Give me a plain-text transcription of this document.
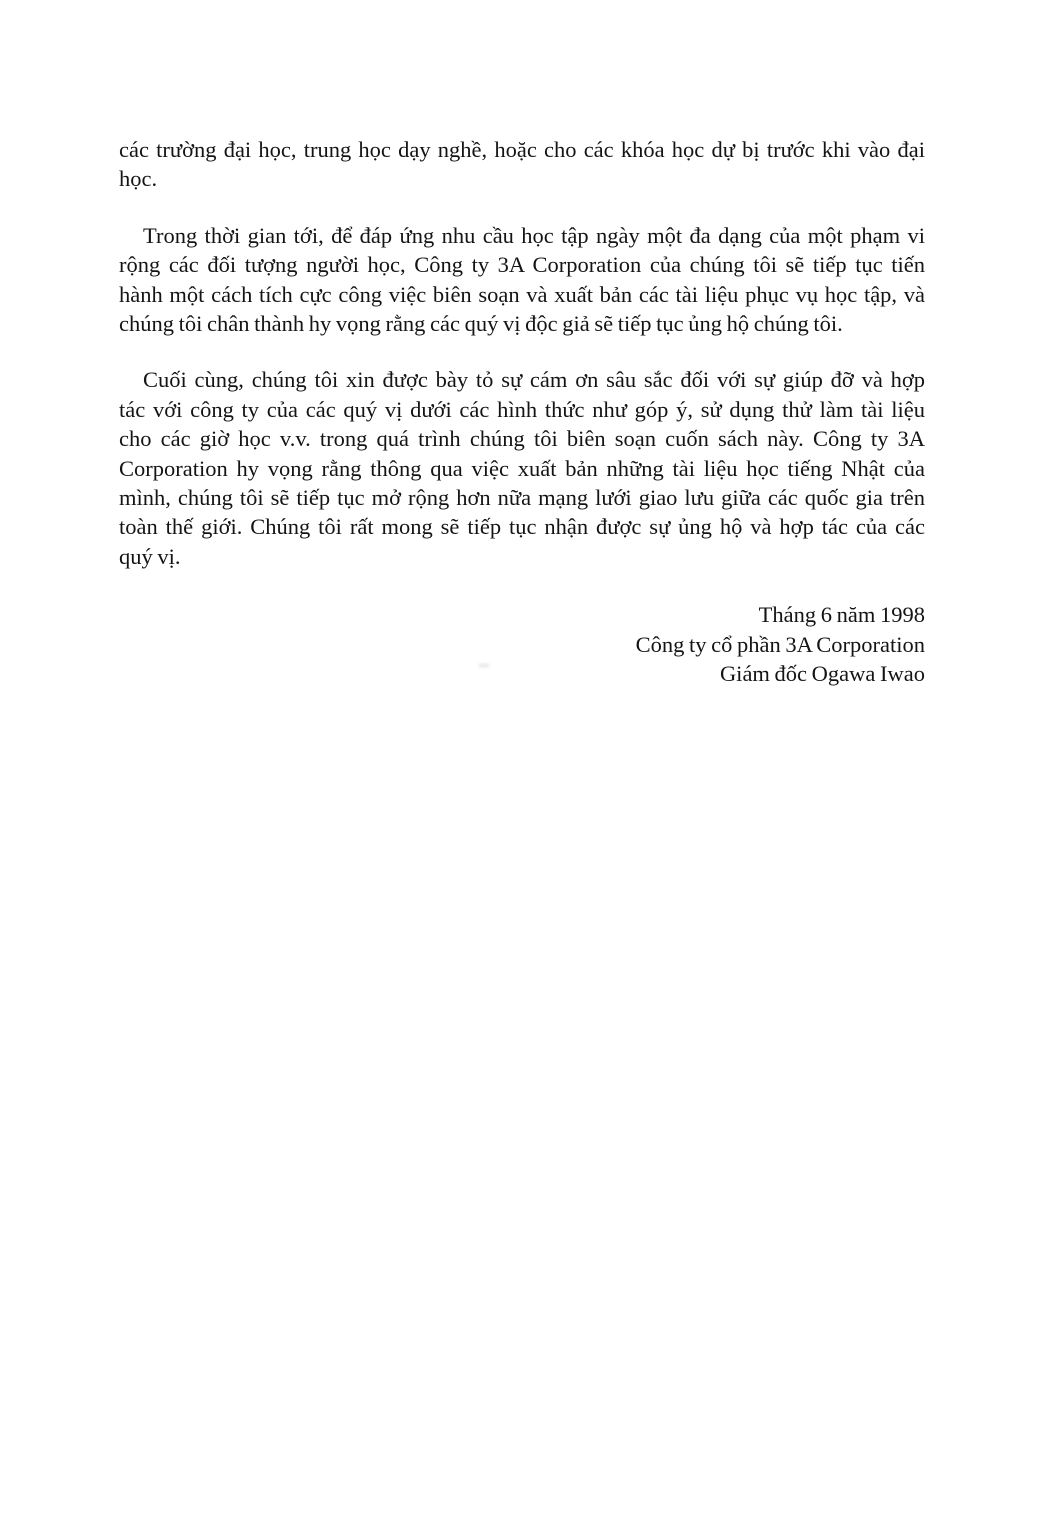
các trường đại học, trung học dạy nghề, hoặc cho các khóa học dự bị trước khi vào đại
học.
Trong thời gian tới, để đáp ứng nhu cầu học tập ngày một đa dạng của một phạm vi
rộng các đối tượng người học, Công ty 3A Corporation của chúng tôi sẽ tiếp tục tiến
hành một cách tích cực công việc biên soạn và xuất bản các tài liệu phục vụ học tập, và
chúng tôi chân thành hy vọng rằng các quý vị độc giả sẽ tiếp tục ủng hộ chúng tôi.
Cuối cùng, chúng tôi xin được bày tỏ sự cám ơn sâu sắc đối với sự giúp đỡ và hợp
tác với công ty của các quý vị dưới các hình thức như góp ý, sử dụng thử làm tài liệu
cho các giờ học v.v. trong quá trình chúng tôi biên soạn cuốn sách này. Công ty 3A
Corporation hy vọng rằng thông qua việc xuất bản những tài liệu học tiếng Nhật của
mình, chúng tôi sẽ tiếp tục mở rộng hơn nữa mạng lưới giao lưu giữa các quốc gia trên
toàn thế giới. Chúng tôi rất mong sẽ tiếp tục nhận được sự ủng hộ và hợp tác của các
quý vị.
Tháng 6 năm 1998
Công ty cổ phần 3A Corporation
Giám đốc Ogawa Iwao
